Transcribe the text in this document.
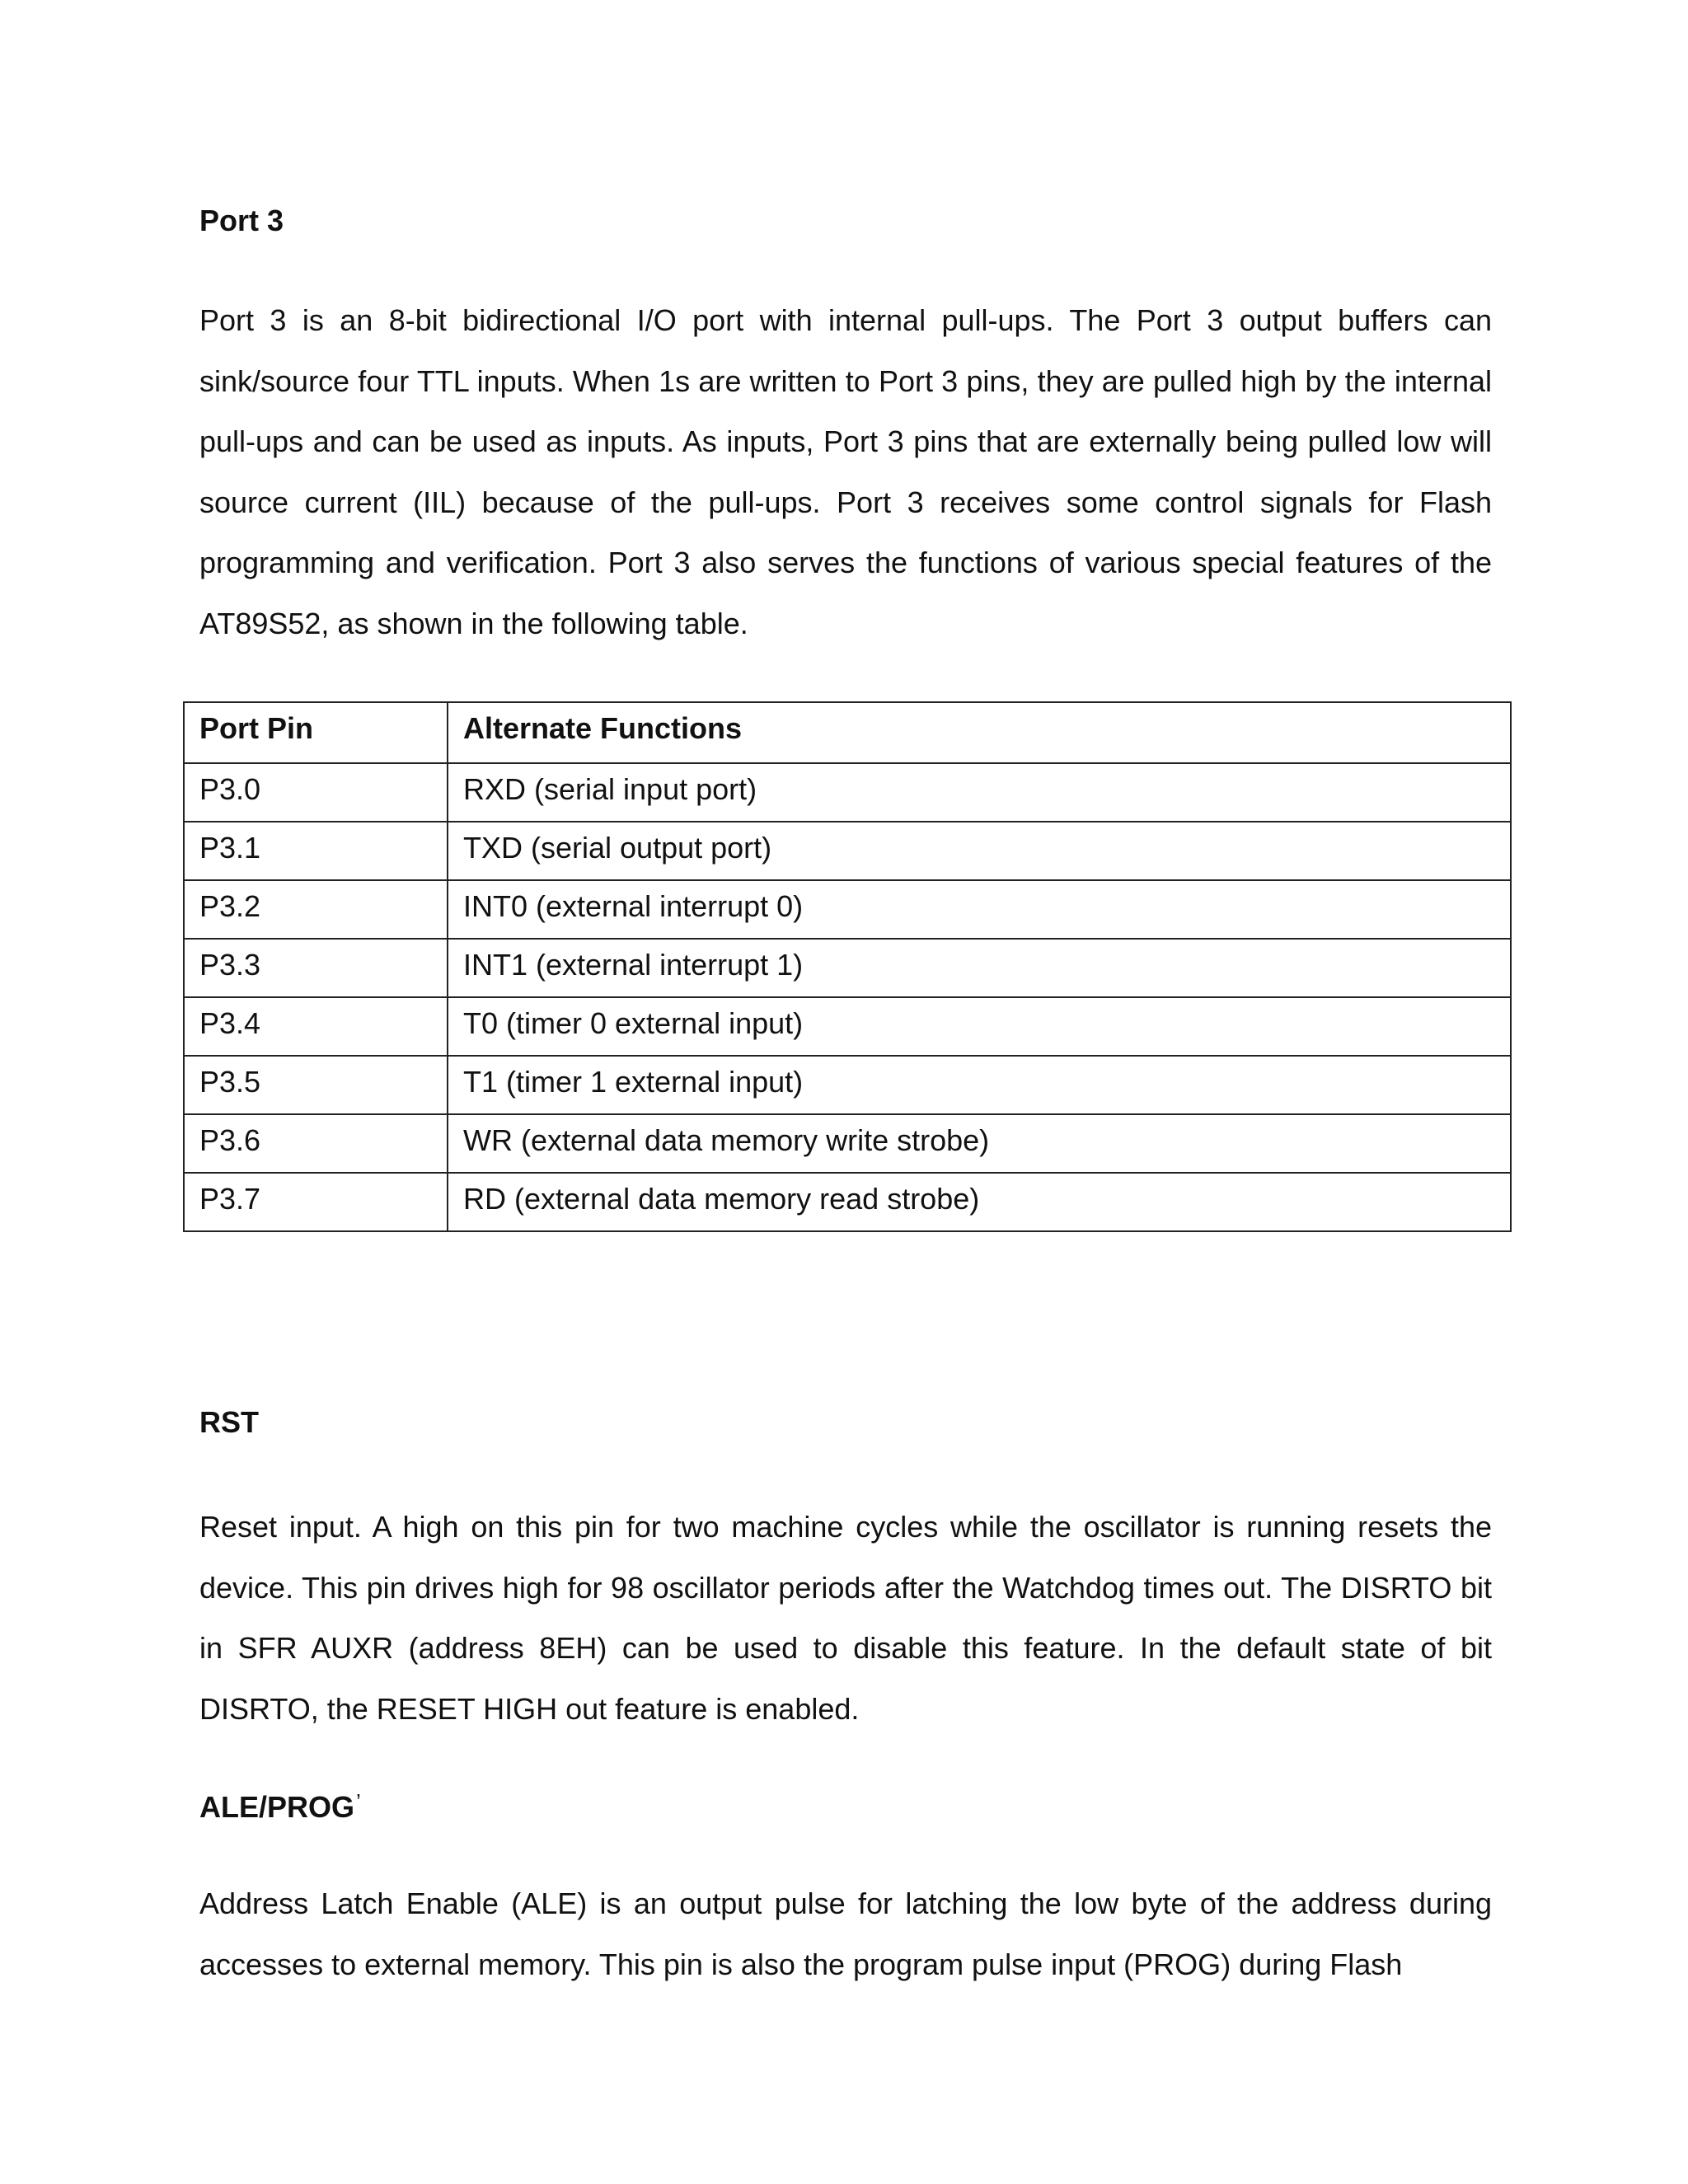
Port 3

Port 3 is an 8-bit bidirectional I/O port with internal pull-ups. The Port 3 output buffers can sink/source four TTL inputs. When 1s are written to Port 3 pins, they are pulled high by the internal pull-ups and can be used as inputs. As inputs, Port 3 pins that are externally being pulled low will source current (IIL) because of the pull-ups. Port 3 receives some control signals for Flash programming and verification. Port 3 also serves the functions of various special features of the AT89S52, as shown in the following table.

Port Pin	Alternate Functions
P3.0	RXD (serial input port)
P3.1	TXD (serial output port)
P3.2	INT0 (external interrupt 0)
P3.3	INT1 (external interrupt 1)
P3.4	T0 (timer 0 external input)
P3.5	T1 (timer 1 external input)
P3.6	WR (external data memory write strobe)
P3.7	RD (external data memory read strobe)
RST

Reset input. A high on this pin for two machine cycles while the oscillator is running resets the device. This pin drives high for 98 oscillator periods after the Watchdog times out. The DISRTO bit in SFR AUXR (address 8EH) can be used to disable this feature. In the default state of bit DISRTO, the RESET HIGH out feature is enabled.

ALE/PROG’

Address Latch Enable (ALE) is an output pulse for latching the low byte of the address during accesses to external memory. This pin is also the program pulse input (PROG) during Flash
